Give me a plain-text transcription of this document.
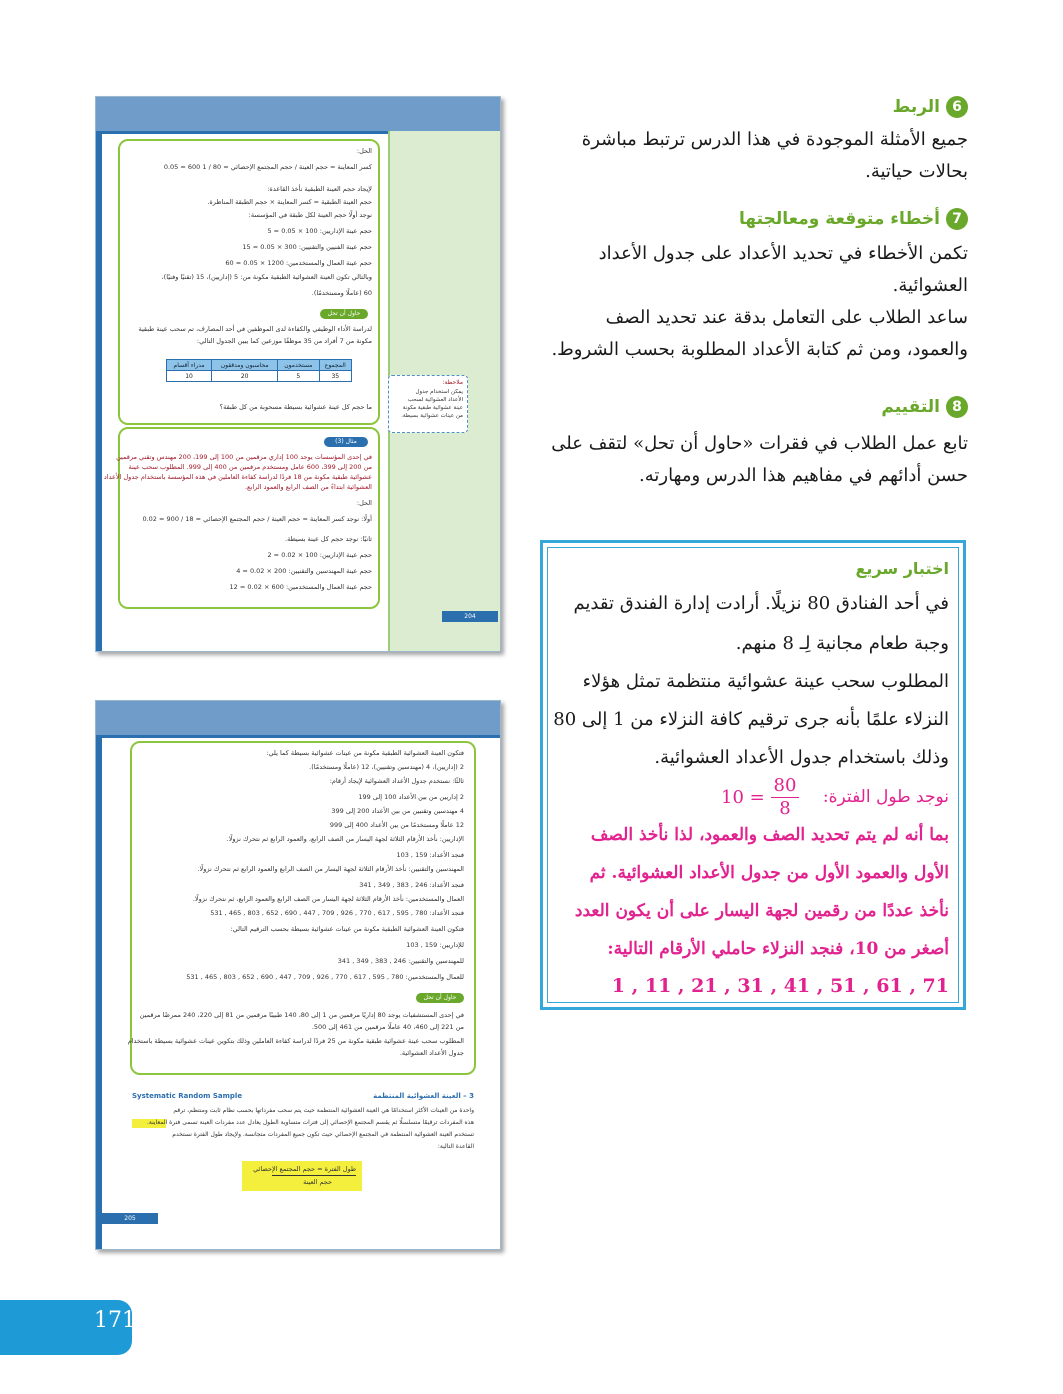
الحل:
كسر المعاينة = حجم العينة / حجم المجتمع الإحصائي = 80 / 1 600 = 0.05
لإيجاد حجم العينة الطبقية نأخذ القاعدة:
حجم العينة الطبقية = كسر المعاينة × حجم الطبقة المناظرة.
نوجد أولًا حجم العينة لكل طبقة في المؤسسة:
حجم عينة الإداريين: 100 × 0.05 = 5
حجم عينة الفنيين والتقنيين: 300 × 0.05 = 15
حجم عينة العمال والمستخدمين: 1200 × 0.05 = 60
وبالتالي تكون العينة العشوائية الطبقية مكونة من: 5 (إداريين)، 15 (تقنيًا وفنيًا)،
60 (عاملًا ومستخدمًا).
حاول أن تحل
لدراسة الأداء الوظيفي والكفاءة لدى الموظفين في أحد المصارف، تم سحب عينة طبقية
مكونة من 7 أفراد من 35 موظفًا موزعين كما يبين الجدول التالي:
المجموع	مستخدمون	محاسبون ومدققون	مدراء أقسام
35	5	20	10
ما حجم كل عينة عشوائية بسيطة مسحوبة من كل طبقة؟
مثال (3)
في إحدى المؤسسات يوجد 100 إداري مرقمين من 100 إلى 199، 200 مهندس وتقني مرقمين
من 200 إلى 399، 600 عامل ومستخدم مرقمين من 400 إلى 999. المطلوب سحب عينة
عشوائية طبقية مكونة من 18 فردًا لدراسة كفاءة العاملين في هذه المؤسسة باستخدام جدول الأعداد
العشوائية ابتداءً من الصف الرابع والعمود الرابع.
الحل:
أولًا: نوجد كسر المعاينة = حجم العينة / حجم المجتمع الإحصائي = 18 / 900 = 0.02
ثانيًا: نوجد حجم كل عينة بسيطة.
حجم عينة الإداريين: 100 × 0.02 = 2
حجم عينة المهندسين والتقنيين: 200 × 0.02 = 4
حجم عينة العمال والمستخدمين: 600 × 0.02 = 12
ملاحظة:
يمكن استخدام جدول
الأعداد العشوائية لسحب
عينة عشوائية طبقية مكونة
من عينات عشوائية بسيطة.
204
فتكون العينة العشوائية الطبقية مكونة من عينات عشوائية بسيطة كما يلي:
2 (إداريين)، 4 (مهندسين وتقنيين)، 12 (عاملًا ومستخدمًا).
ثالثًا: نستخدم جدول الأعداد العشوائية لإيجاد أرقام:
2 إداريين من بين الأعداد 100 إلى 199
4 مهندسين وتقنيين من بين الأعداد 200 إلى 399
12 عاملًا ومستخدمًا من بين الأعداد 400 إلى 999
الإداريين: نأخذ الأرقام الثلاثة لجهة اليسار من الصف الرابع، والعمود الرابع ثم نتحرك نزولًا.
فنجد الأعداد: 159 , 103
المهندسين والتقنيين: نأخذ الأرقام الثلاثة لجهة اليسار من الصف الرابع والعمود الرابع ثم نتحرك نزولًا.
فنجد الأعداد: 246 , 383 , 349 , 341
العمال والمستخدمين: نأخذ الأرقام الثلاثة لجهة اليسار من الصف الرابع والعمود الرابع، ثم نتحرك نزولًا.
فنجد الأعداد: 780 , 595 , 617 , 770 , 926 , 709 , 447 , 690 , 652 , 803 , 465 , 531
فتكون العينة العشوائية الطبقية مكونة من عينات عشوائية بسيطة بحسب الترقيم التالي:
للإداريين: 159 , 103
للمهندسين والتقنيين: 246 , 383 , 349 , 341
للعمال والمستخدمين: 780 , 595 , 617 , 770 , 926 , 709 , 447 , 690 , 652 , 803 , 465 , 531
حاول أن تحل
في إحدى المستشفيات يوجد 80 إداريًا مرقمين من 1 إلى 80، 140 طبيبًا مرقمين من 81 إلى 220، 240 ممرضًا مرقمين
من 221 إلى 460، 40 عاملًا مرقمين من 461 إلى 500.
المطلوب سحب عينة عشوائية طبقية مكونة من 25 فردًا لدراسة كفاءة العاملين وذلك بتكوين عينات عشوائية بسيطة باستخدام
جدول الأعداد العشوائية.
Systematic Random Sample	3 – العينة العشوائية المنتظمة
واحدة من العينات الأكثر استخدامًا هي العينة العشوائية المنتظمة حيث يتم سحب مفرداتها بحسب نظام ثابت ومنتظم، ترقم
هذه المفردات ترقيمًا متسلسلًا ثم يقسم المجتمع الإحصائي إلى فترات متساوية الطول يعادل عدد مفردات العينة تسمى فترة المعاينة.
تستخدم العينة العشوائية المنتظمة في المجتمع الإحصائي حيث تكون جميع المفردات متجانسة. ولإيجاد طول الفترة نستخدم
القاعدة التالية:
طول الفترة = حجم المجتمع الإحصائي
حجم العينة
205
6الربط
جميع الأمثلة الموجودة في هذا الدرس ترتبط مباشرة
بحالات حياتية.
7أخطاء متوقعة ومعالجتها
تكمن الأخطاء في تحديد الأعداد على جدول الأعداد
العشوائية.
ساعد الطلاب على التعامل بدقة عند تحديد الصف
والعمود، ومن ثم كتابة الأعداد المطلوبة بحسب الشروط.
8التقييم
تابع عمل الطلاب في فقرات «حاول أن تحل» لتقف على
حسن أدائهم في مفاهيم هذا الدرس ومهارته.
اختبار سريع
في أحد الفنادق 80 نزيلًا. أرادت إدارة الفندق تقديم
وجبة طعام مجانية لِـ 8 منهم.
المطلوب سحب عينة عشوائية منتظمة تمثل هؤلاء
النزلاء علمًا بأنه جرى ترقيم كافة النزلاء من 1 إلى 80
وذلك باستخدام جدول الأعداد العشوائية.
نوجد طول الفترة:
10 =
80
8
بما أنه لم يتم تحديد الصف والعمود، لذا نأخذ الصف
الأول والعمود الأول من جدول الأعداد العشوائية. ثم
نأخذ عددًا من رقمين لجهة اليسار على أن يكون العدد
أصغر من 10، فنجد النزلاء حاملي الأرقام التالية:
1 , 11 , 21 , 31 , 41 , 51 , 61 , 71
171
